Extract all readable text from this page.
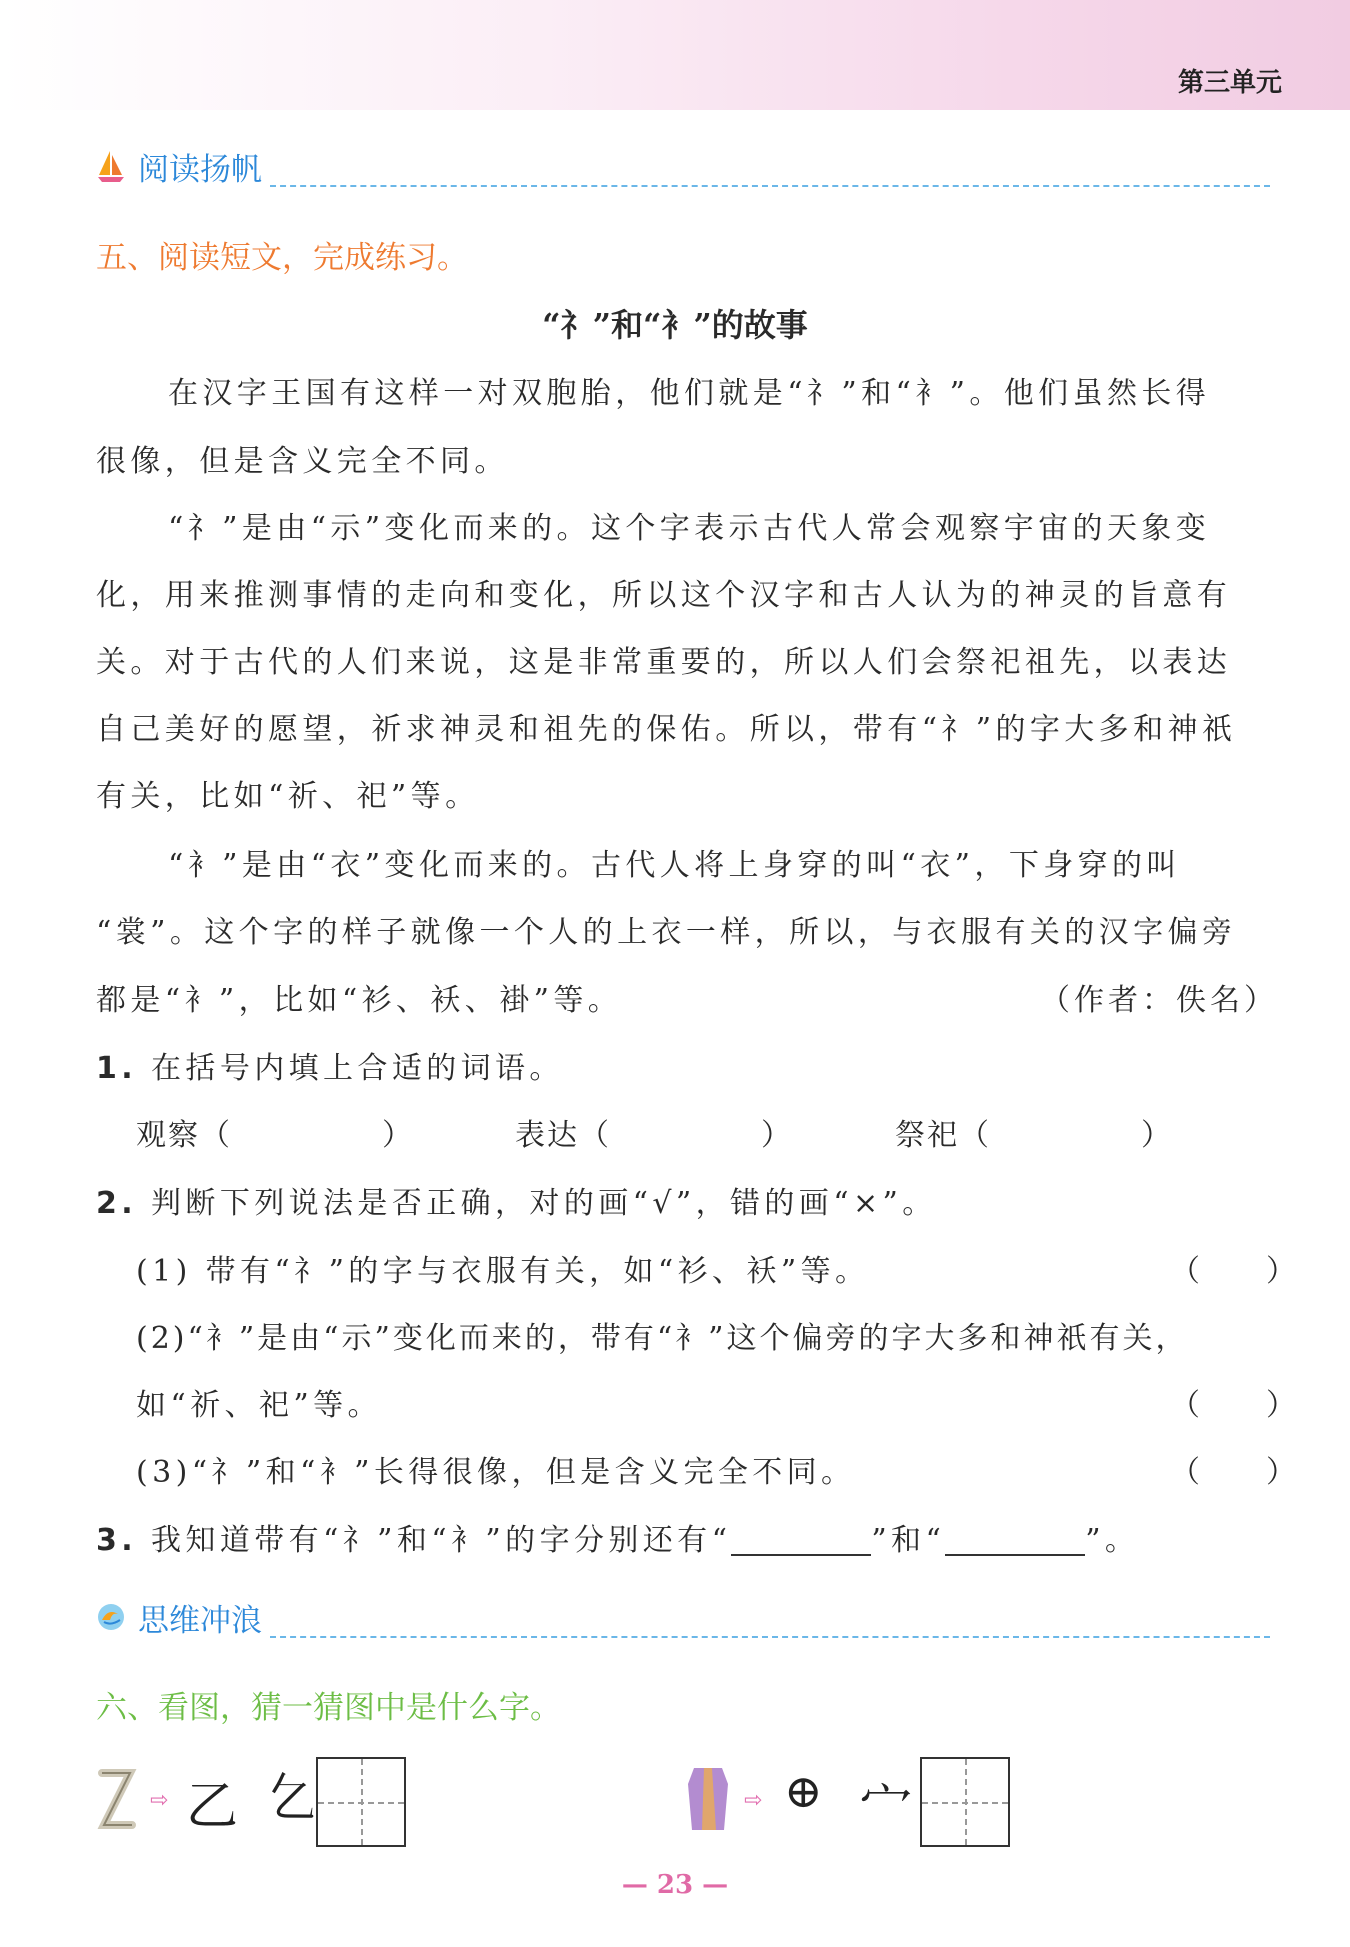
第三单元
阅读扬帆
五、阅读短文，完成练习。
“礻”和“衤”的故事
在汉字王国有这样一对双胞胎，他们就是“礻”和“衤”。他们虽然长得
很像，但是含义完全不同。
“礻”是由“示”变化而来的。这个字表示古代人常会观察宇宙的天象变
化，用来推测事情的走向和变化，所以这个汉字和古人认为的神灵的旨意有
关。对于古代的人们来说，这是非常重要的，所以人们会祭祀祖先，以表达
自己美好的愿望，祈求神灵和祖先的保佑。所以，带有“礻”的字大多和神祇
有关，比如“祈、祀”等。
“衤”是由“衣”变化而来的。古代人将上身穿的叫“衣”，下身穿的叫
“裳”。这个字的样子就像一个人的上衣一样，所以，与衣服有关的汉字偏旁
都是“衤”，比如“衫、袄、褂”等。	（作者：佚名）
1. 在括号内填上合适的词语。
观察（	）	表达（	）	祭祀（	）
2. 判断下列说法是否正确，对的画“√”，错的画“×”。
(1) 带有“礻”的字与衣服有关，如“衫、袄”等。	（　　）
(2)“衤”是由“示”变化而来的，带有“衤”这个偏旁的字大多和神祇有关，
如“祈、祀”等。	（　　）
(3)“礻”和“衤”长得很像，但是含义完全不同。	（　　）
3. 我知道带有“礻”和“衤”的字分别还有“	”和“	”。
思维冲浪
六、看图，猜一猜图中是什么字。
⇨ 乙 𠃉	⇨ ⊕ 宀
— 23 —
